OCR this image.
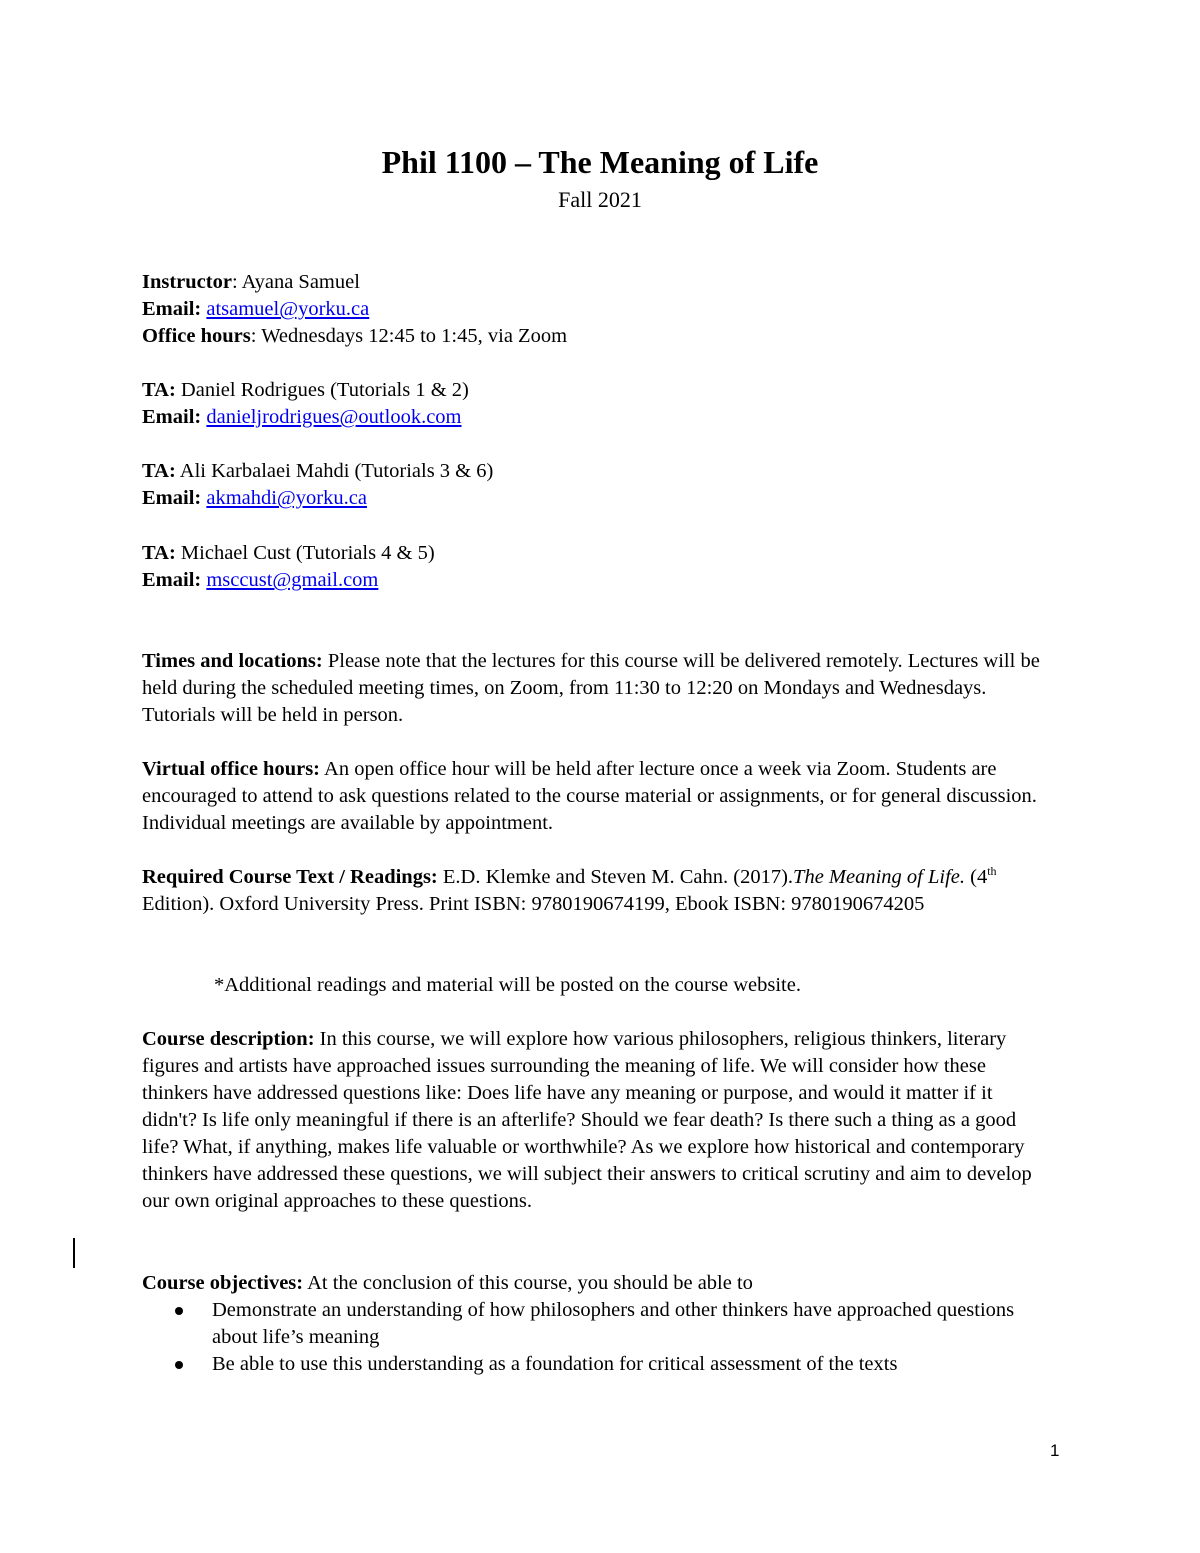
Phil 1100 – The Meaning of Life
Fall 2021
Instructor: Ayana Samuel
Email: atsamuel@yorku.ca
Office hours: Wednesdays 12:45 to 1:45, via Zoom
TA: Daniel Rodrigues (Tutorials 1 & 2)
Email: danieljrodrigues@outlook.com
TA: Ali Karbalaei Mahdi (Tutorials 3 & 6)
Email: akmahdi@yorku.ca
TA: Michael Cust (Tutorials 4 & 5)
Email: msccust@gmail.com
Times and locations: Please note that the lectures for this course will be delivered remotely. Lectures will be held during the scheduled meeting times, on Zoom, from 11:30 to 12:20 on Mondays and Wednesdays. Tutorials will be held in person.
Virtual office hours: An open office hour will be held after lecture once a week via Zoom. Students are encouraged to attend to ask questions related to the course material or assignments, or for general discussion. Individual meetings are available by appointment.
Required Course Text / Readings: E.D. Klemke and Steven M. Cahn. (2017).The Meaning of Life. (4th Edition). Oxford University Press. Print ISBN: 9780190674199, Ebook ISBN: 9780190674205
*Additional readings and material will be posted on the course website.
Course description: In this course, we will explore how various philosophers, religious thinkers, literary figures and artists have approached issues surrounding the meaning of life. We will consider how these thinkers have addressed questions like: Does life have any meaning or purpose, and would it matter if it didn't? Is life only meaningful if there is an afterlife? Should we fear death? Is there such a thing as a good life? What, if anything, makes life valuable or worthwhile? As we explore how historical and contemporary thinkers have addressed these questions, we will subject their answers to critical scrutiny and aim to develop our own original approaches to these questions.
Course objectives: At the conclusion of this course, you should be able to
Demonstrate an understanding of how philosophers and other thinkers have approached questions about life’s meaning
Be able to use this understanding as a foundation for critical assessment of the texts
1
